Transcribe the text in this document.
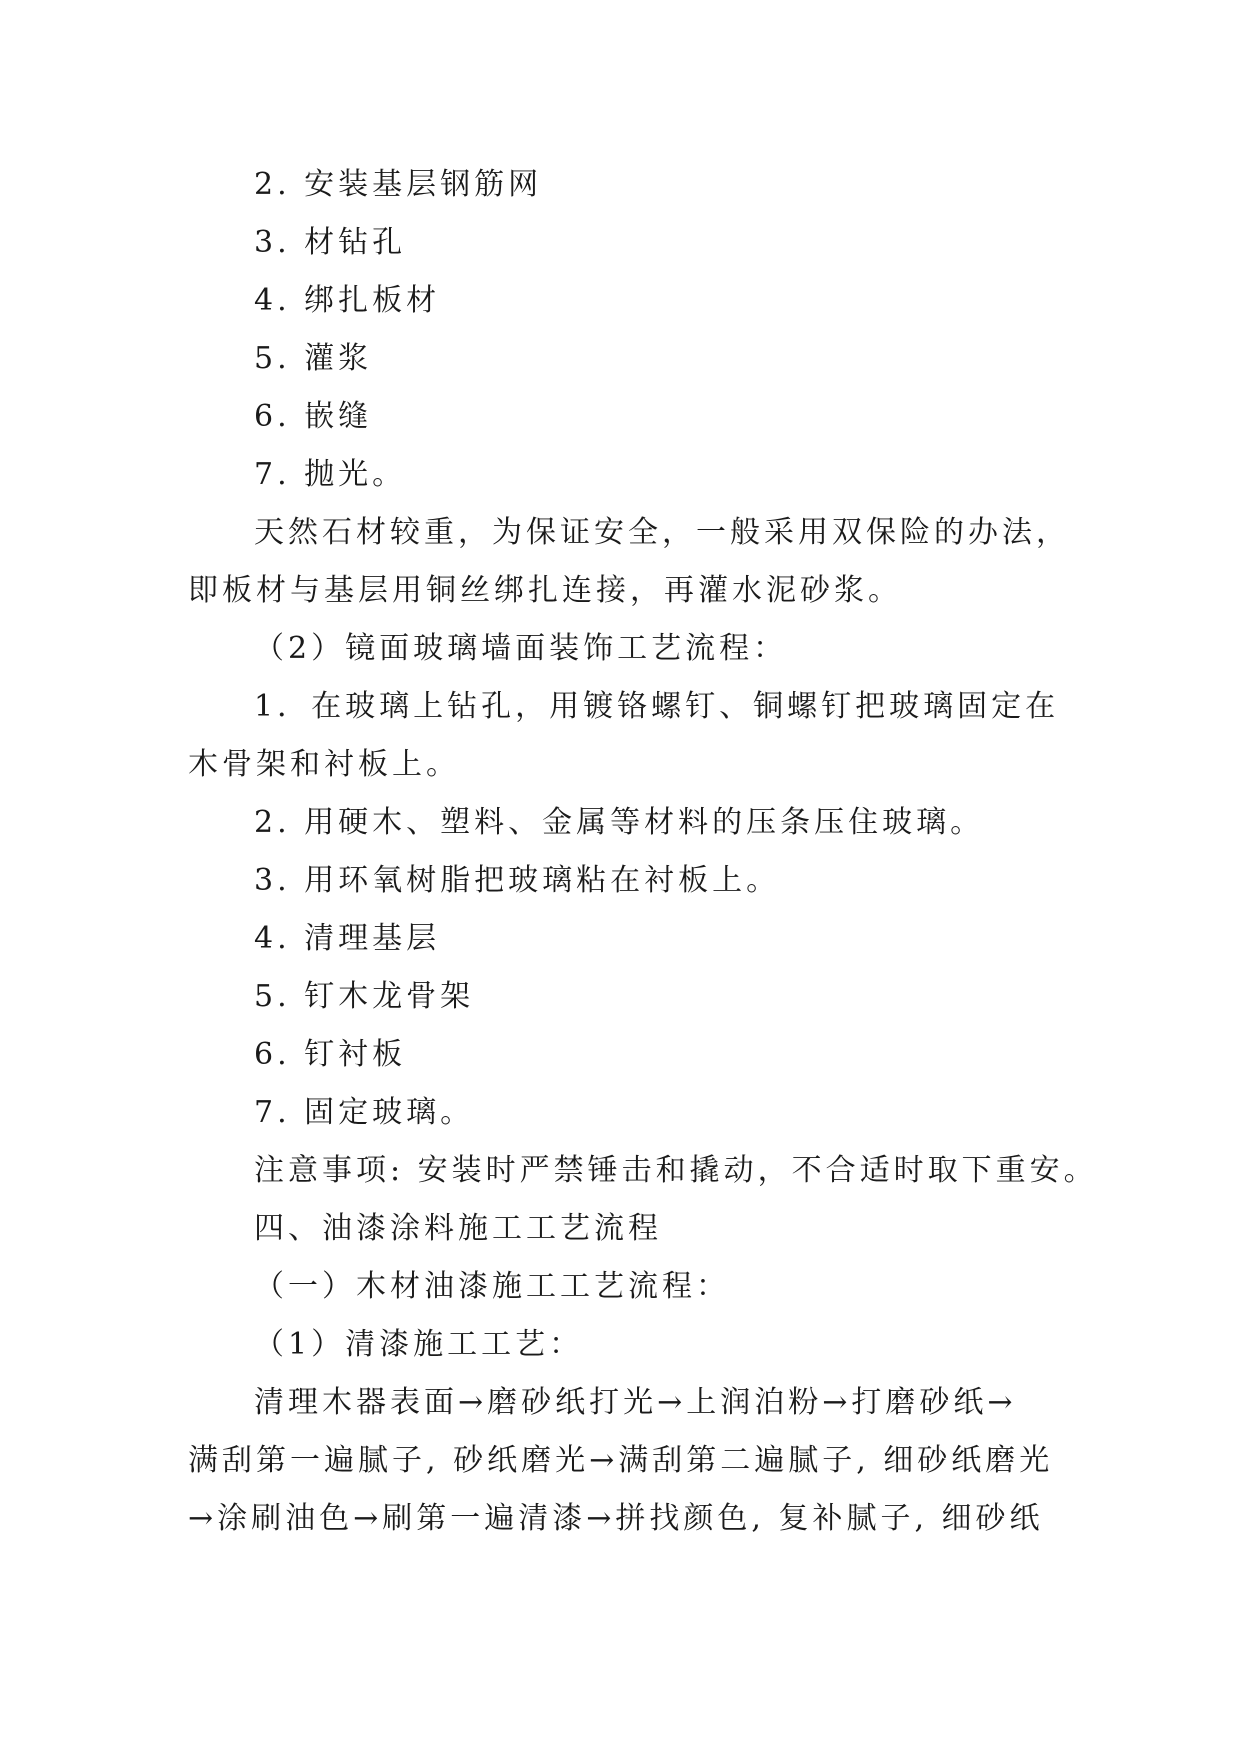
2. 安装基层钢筋网
3. 材钻孔
4. 绑扎板材
5. 灌浆
6. 嵌缝
7. 抛光。
天然石材较重，为保证安全，一般采用双保险的办法，
即板材与基层用铜丝绑扎连接，再灌水泥砂浆。
（2）镜面玻璃墙面装饰工艺流程：
1．在玻璃上钻孔，用镀铬螺钉、铜螺钉把玻璃固定在
木骨架和衬板上。
2. 用硬木、塑料、金属等材料的压条压住玻璃。
3. 用环氧树脂把玻璃粘在衬板上。
4. 清理基层
5. 钉木龙骨架
6. 钉衬板
7. 固定玻璃。
注意事项: 安装时严禁锤击和撬动，不合适时取下重安。
四、油漆涂料施工工艺流程
（一）木材油漆施工工艺流程：
（1）清漆施工工艺：
清理木器表面→磨砂纸打光→上润泊粉→打磨砂纸→
满刮第一遍腻子, 砂纸磨光→满刮第二遍腻子, 细砂纸磨光
→涂刷油色→刷第一遍清漆→拼找颜色, 复补腻子, 细砂纸
